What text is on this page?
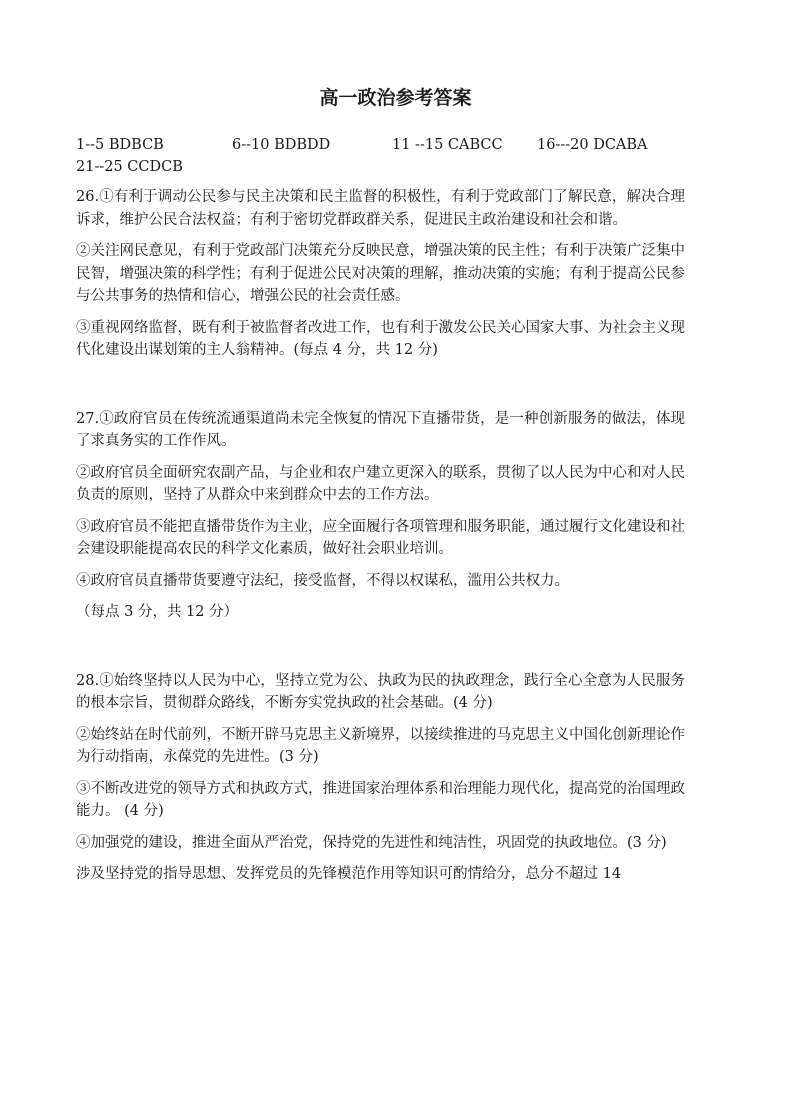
高一政治参考答案
1--5 BDBCB	6--10 BDBDD	11 --15 CABCC	16---20 DCABA
21--25 CCDCB

26.①有利于调动公民参与民主决策和民主监督的积极性，有利于党政部门了解民意，解决合理诉求，维护公民合法权益；有利于密切党群政群关系，促进民主政治建设和社会和谐。

②关注网民意见，有利于党政部门决策充分反映民意，增强决策的民主性；有利于决策广泛集中民智，增强决策的科学性；有利于促进公民对决策的理解，推动决策的实施；有利于提高公民参与公共事务的热情和信心，增强公民的社会责任感。

③重视网络监督，既有利于被监督者改进工作，也有利于激发公民关心国家大事、为社会主义现代化建设出谋划策的主人翁精神。(每点 4 分，共 12 分)

27.①政府官员在传统流通渠道尚未完全恢复的情况下直播带货，是一种创新服务的做法，体现了求真务实的工作作风。

②政府官员全面研究农副产品，与企业和农户建立更深入的联系，贯彻了以人民为中心和对人民负责的原则，坚持了从群众中来到群众中去的工作方法。

③政府官员不能把直播带货作为主业，应全面履行各项管理和服务职能，通过履行文化建设和社会建设职能提高农民的科学文化素质，做好社会职业培训。

④政府官员直播带货要遵守法纪，接受监督，不得以权谋私，滥用公共权力。

（每点 3 分，共 12 分）

28.①始终坚持以人民为中心，坚持立党为公、执政为民的执政理念，践行全心全意为人民服务的根本宗旨，贯彻群众路线，不断夯实党执政的社会基础。(4 分)

②始终站在时代前列，不断开辟马克思主义新境界，以接续推进的马克思主义中国化创新理论作为行动指南，永葆党的先进性。(3 分)

③不断改进党的领导方式和执政方式，推进国家治理体系和治理能力现代化，提高党的治国理政能力。 (4 分)

④加强党的建设，推进全面从严治党，保持党的先进性和纯洁性，巩固党的执政地位。(3 分)

涉及坚持党的指导思想、发挥党员的先锋模范作用等知识可酌情给分，总分不超过 14
